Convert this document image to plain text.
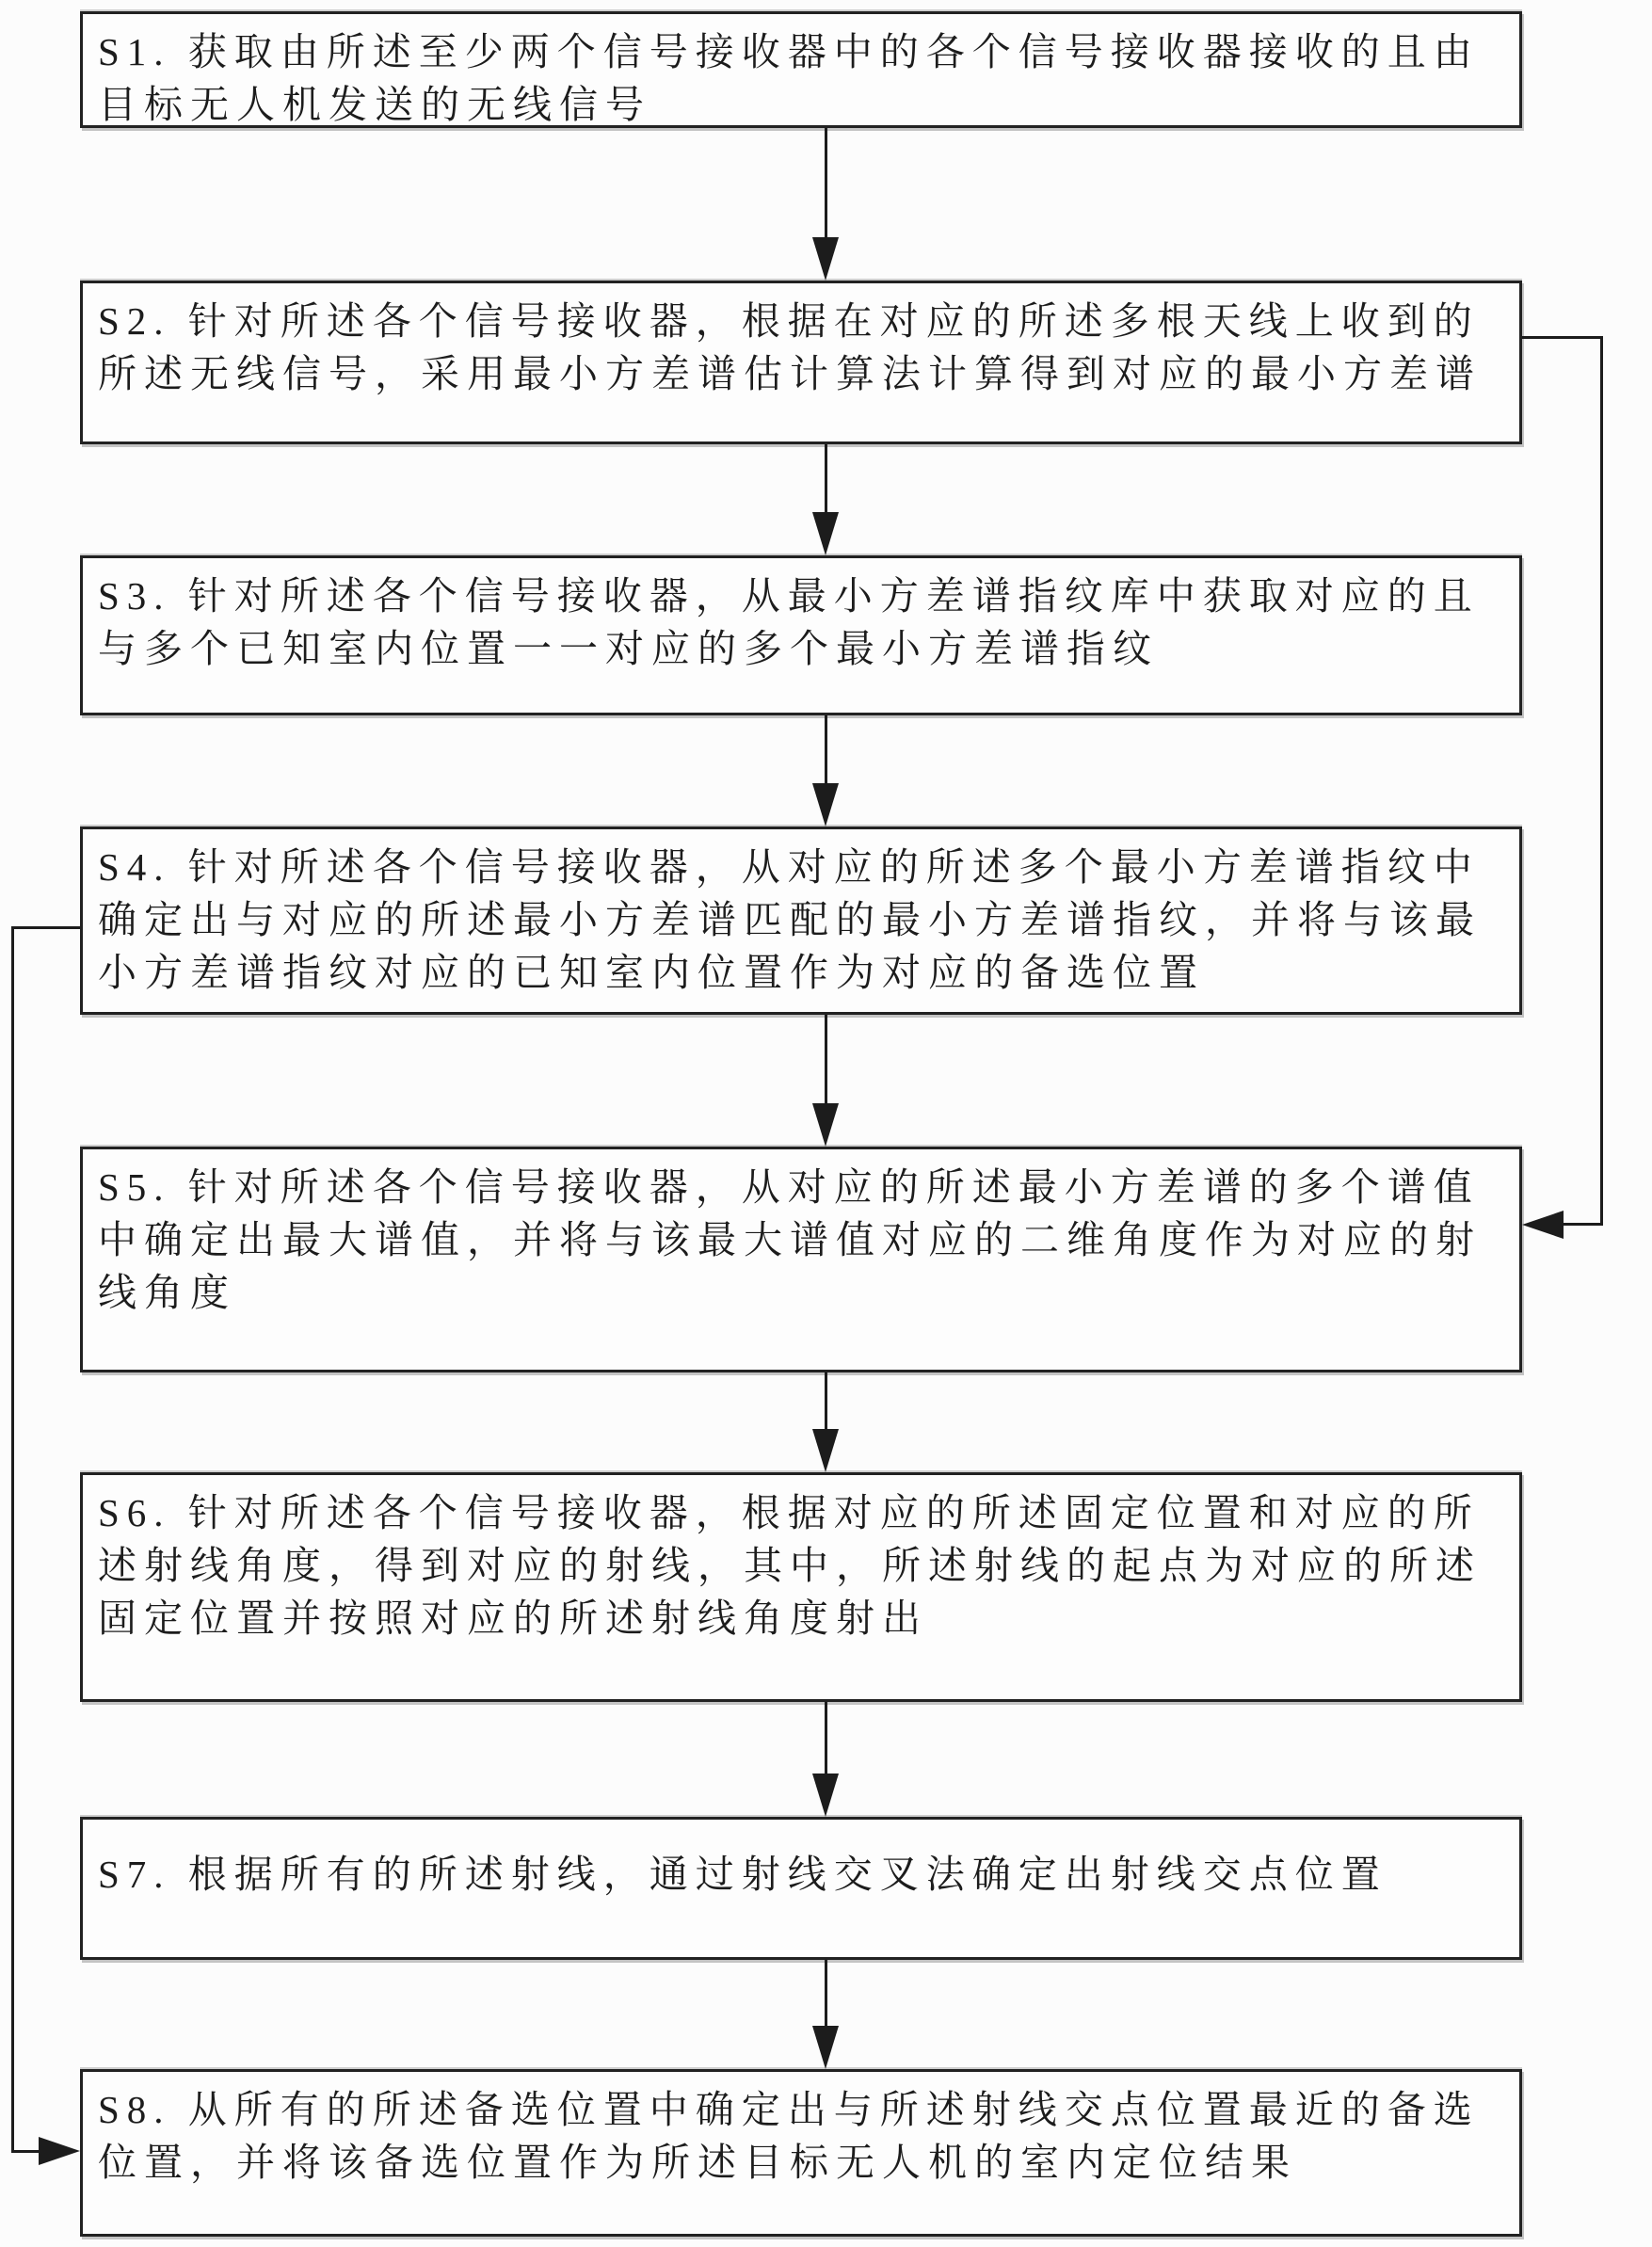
S1. 获取由所述至少两个信号接收器中的各个信号接收器接收的且由目标无人机发送的无线信号
S2. 针对所述各个信号接收器，根据在对应的所述多根天线上收到的所述无线信号，采用最小方差谱估计算法计算得到对应的最小方差谱
S3. 针对所述各个信号接收器，从最小方差谱指纹库中获取对应的且与多个已知室内位置一一对应的多个最小方差谱指纹
S4. 针对所述各个信号接收器，从对应的所述多个最小方差谱指纹中确定出与对应的所述最小方差谱匹配的最小方差谱指纹，并将与该最小方差谱指纹对应的已知室内位置作为对应的备选位置
S5. 针对所述各个信号接收器，从对应的所述最小方差谱的多个谱值中确定出最大谱值，并将与该最大谱值对应的二维角度作为对应的射线角度
S6. 针对所述各个信号接收器，根据对应的所述固定位置和对应的所述射线角度，得到对应的射线，其中，所述射线的起点为对应的所述固定位置并按照对应的所述射线角度射出
S7. 根据所有的所述射线，通过射线交叉法确定出射线交点位置
S8. 从所有的所述备选位置中确定出与所述射线交点位置最近的备选位置，并将该备选位置作为所述目标无人机的室内定位结果
